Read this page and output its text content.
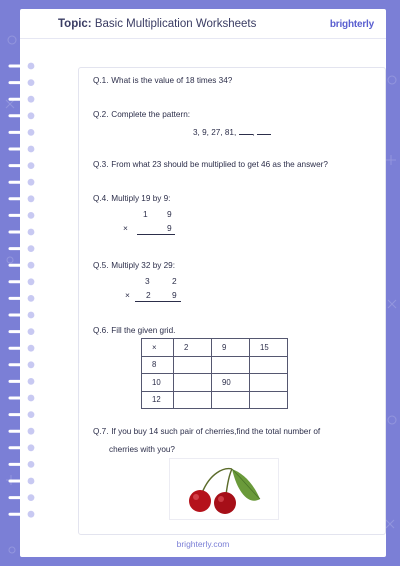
Topic: Basic Multiplication Worksheets	brighterly
Q.1. What is the value of 18 times 34?
Q.2. Complete the pattern:
3, 9, 27, 81, ,
Q.3. From what 23 should be multiplied to get 46 as the answer?
Q.4. Multiply 19 by 9:
1 9
×	9
Q.5. Multiply 32 by 29:
3	2
× 2	9
Q.6. Fill the given grid.
×	2	9	15
8			
10		90	
12			
Q.7. If you buy 14 such pair of cherries,find the total number of
cherries with you?
brighterly.com
